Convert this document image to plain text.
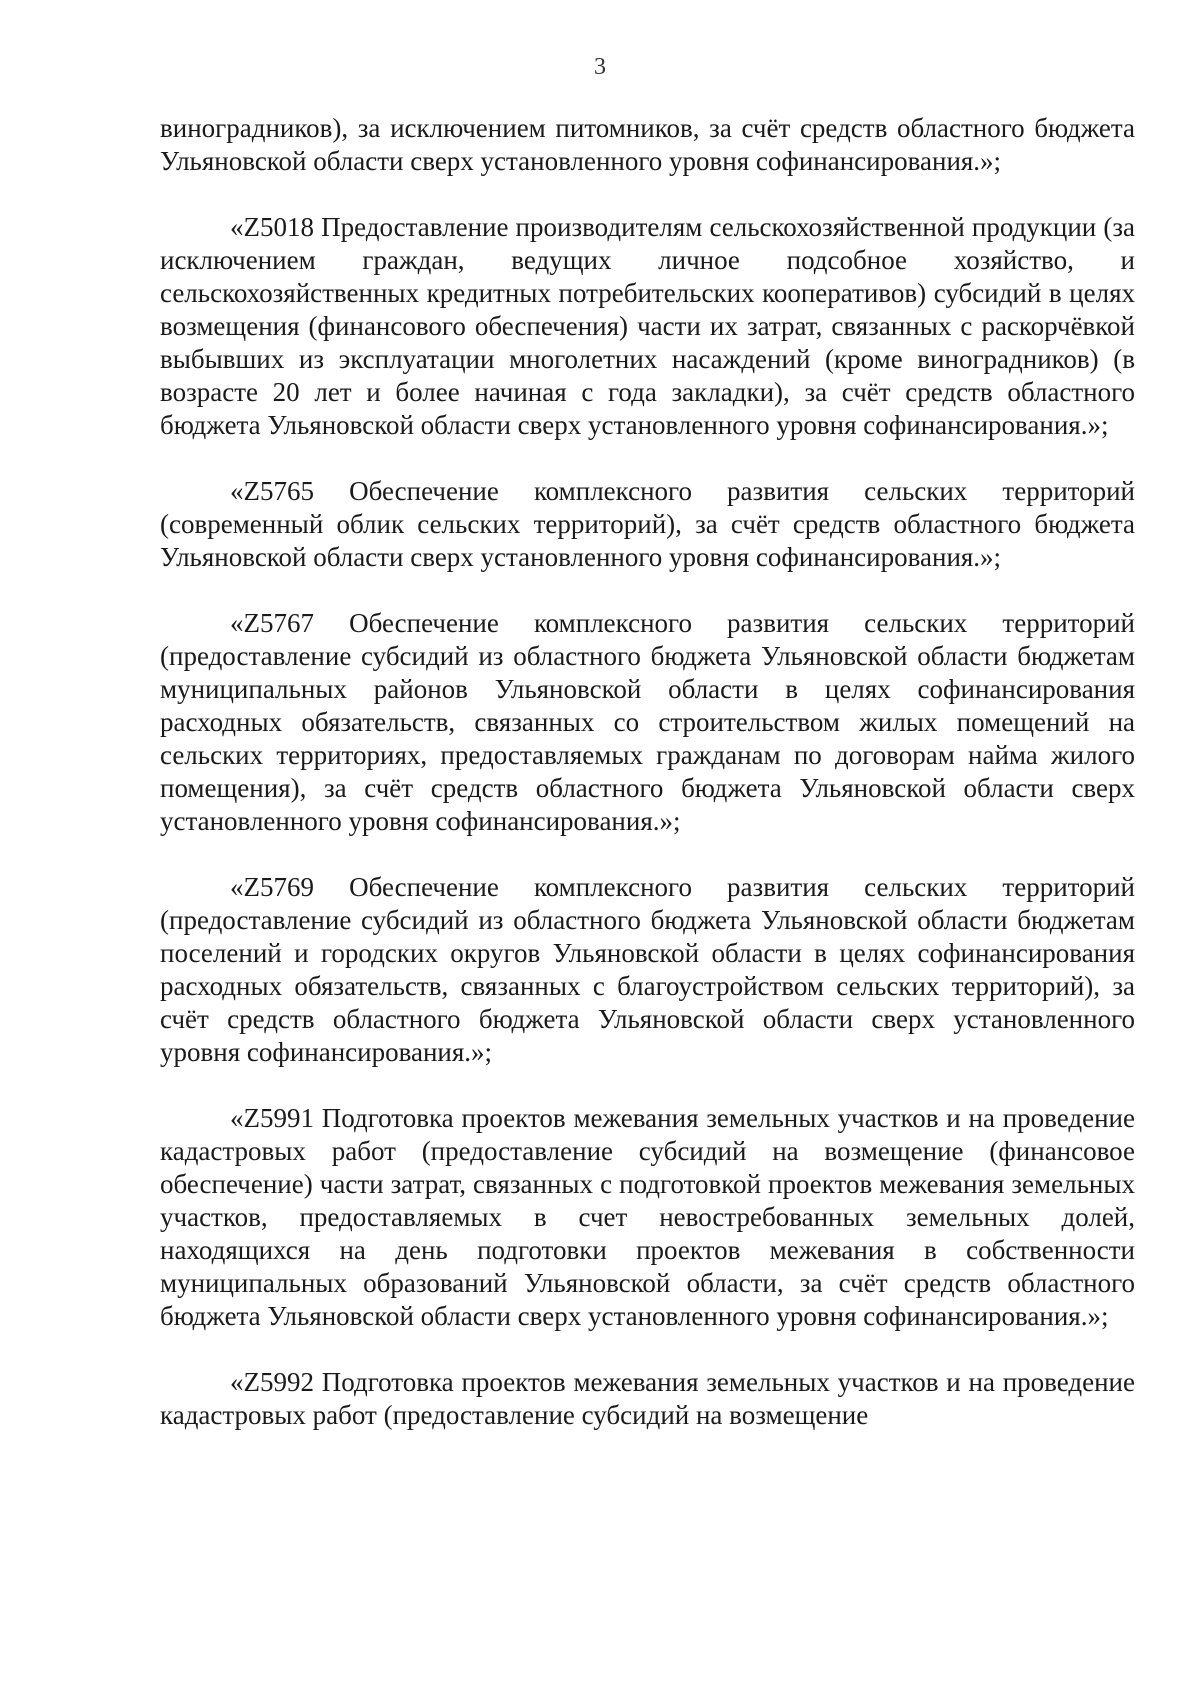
3

виноградников), за исключением питомников, за счёт средств областного бюджета Ульяновской области сверх установленного уровня софинансирования.»;

«Z5018 Предоставление производителям сельскохозяйственной продукции (за исключением граждан, ведущих личное подсобное хозяйство, и сельскохозяйственных кредитных потребительских кооперативов) субсидий в целях возмещения (финансового обеспечения) части их затрат, связанных с раскорчёвкой выбывших из эксплуатации многолетних насаждений (кроме виноградников) (в возрасте 20 лет и более начиная с года закладки), за счёт средств областного бюджета Ульяновской области сверх установленного уровня софинансирования.»;

«Z5765 Обеспечение комплексного развития сельских территорий (современный облик сельских территорий), за счёт средств областного бюджета Ульяновской области сверх установленного уровня софинансирования.»;

«Z5767 Обеспечение комплексного развития сельских территорий (предоставление субсидий из областного бюджета Ульяновской области бюджетам муниципальных районов Ульяновской области в целях софинансирования расходных обязательств, связанных со строительством жилых помещений на сельских территориях, предоставляемых гражданам по договорам найма жилого помещения), за счёт средств областного бюджета Ульяновской области сверх установленного уровня софинансирования.»;

«Z5769 Обеспечение комплексного развития сельских территорий (предоставление субсидий из областного бюджета Ульяновской области бюджетам поселений и городских округов Ульяновской области в целях софинансирования расходных обязательств, связанных с благоустройством сельских территорий), за счёт средств областного бюджета Ульяновской области сверх установленного уровня софинансирования.»;

«Z5991 Подготовка проектов межевания земельных участков и на проведение кадастровых работ (предоставление субсидий на возмещение (финансовое обеспечение) части затрат, связанных с подготовкой проектов межевания земельных участков, предоставляемых в счет невостребованных земельных долей, находящихся на день подготовки проектов межевания в собственности муниципальных образований Ульяновской области, за счёт средств областного бюджета Ульяновской области сверх установленного уровня софинансирования.»;

«Z5992 Подготовка проектов межевания земельных участков и на проведение кадастровых работ (предоставление субсидий на возмещение
